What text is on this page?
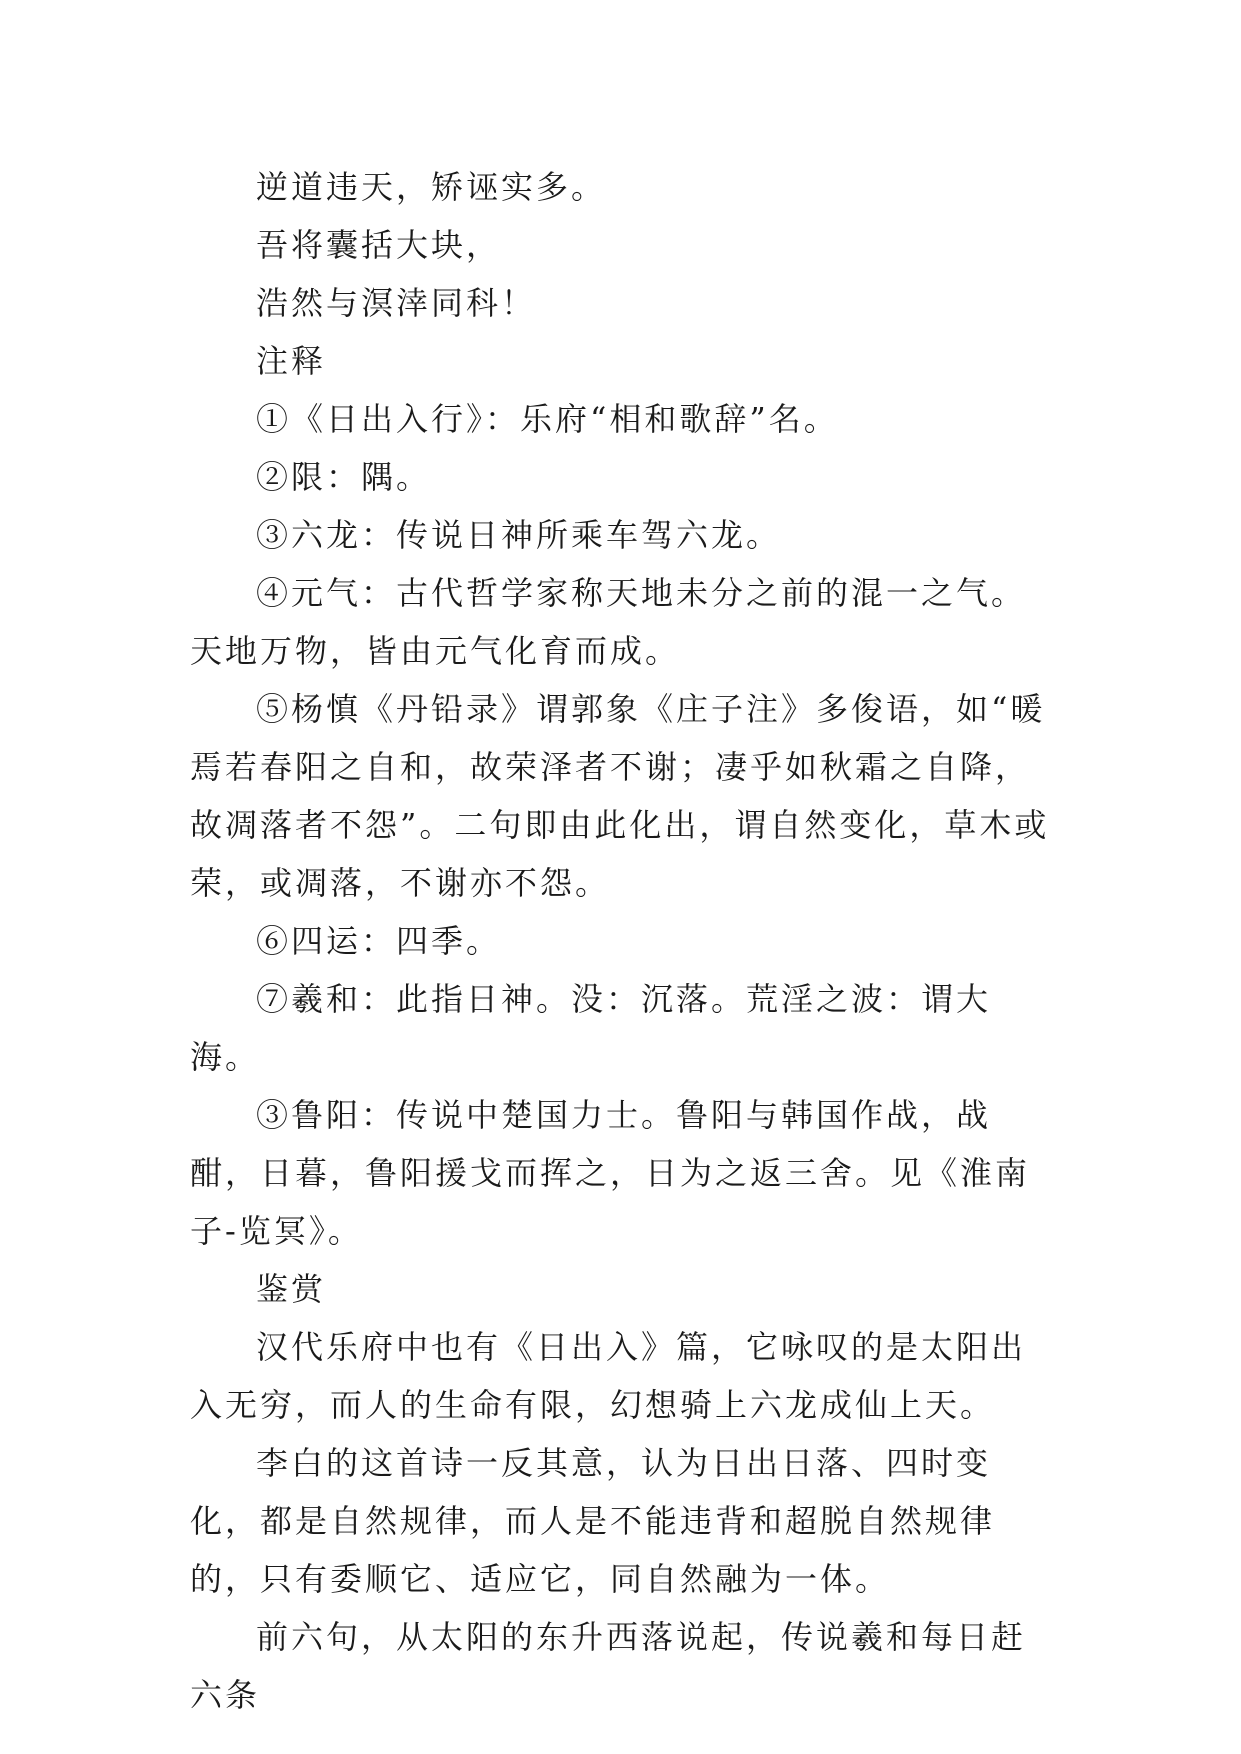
逆道违天，矫诬实多。

吾将囊括大块，

浩然与溟涬同科！

注释

①《日出入行》：乐府“相和歌辞”名。

②限：隅。

③六龙：传说日神所乘车驾六龙。

④元气：古代哲学家称天地未分之前的混一之气。天地万物，皆由元气化育而成。

⑤杨慎《丹铅录》谓郭象《庄子注》多俊语，如“暖焉若春阳之自和，故荣泽者不谢；凄乎如秋霜之自降，故凋落者不怨”。二句即由此化出，谓自然变化，草木或荣，或凋落，不谢亦不怨。

⑥四运：四季。

⑦羲和：此指日神。没：沉落。荒淫之波：谓大海。

③鲁阳：传说中楚国力士。鲁阳与韩国作战，战酣，日暮，鲁阳援戈而挥之，日为之返三舍。见《淮南子-览冥》。

鉴赏

汉代乐府中也有《日出入》篇，它咏叹的是太阳出入无穷，而人的生命有限，幻想骑上六龙成仙上天。

李白的这首诗一反其意，认为日出日落、四时变化，都是自然规律，而人是不能违背和超脱自然规律的，只有委顺它、适应它，同自然融为一体。

前六句，从太阳的东升西落说起，传说羲和每日赶六条
